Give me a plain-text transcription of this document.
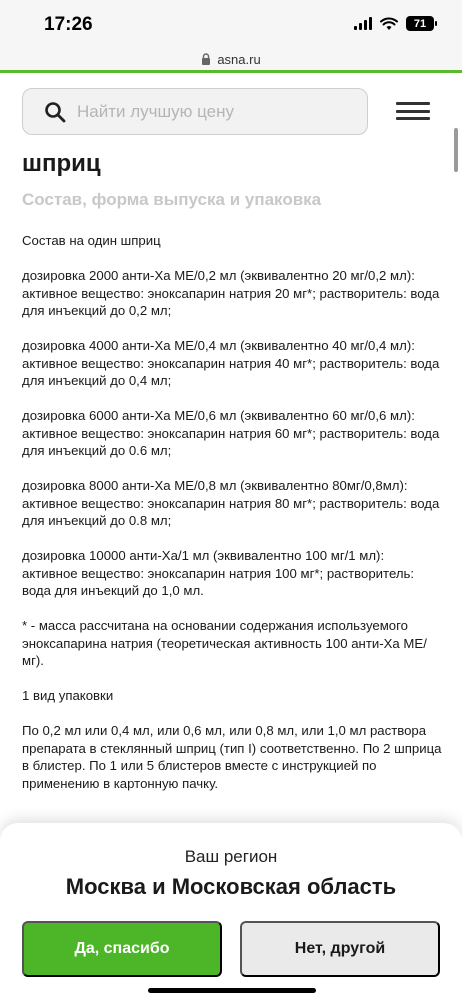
17:26	71
asna.ru
Найти лучшую цену
шприц
Состав, форма выпуска и упаковка

Состав на один шприц

дозировка 2000 анти-Ха МЕ/0,2 мл (эквивалентно 20 мг/0,2 мл): активное вещество: эноксапарин натрия 20 мг*; растворитель: вода для инъекций до 0,2 мл;

дозировка 4000 анти-Ха МЕ/0,4 мл (эквивалентно 40 мг/0,4 мл): активное вещество: эноксапарин натрия 40 мг*; растворитель: вода для инъекций до 0,4 мл;

дозировка 6000 анти-Ха МЕ/0,6 мл (эквивалентно 60 мг/0,6 мл): активное вещество: эноксапарин натрия 60 мг*; растворитель: вода для инъекций до 0.6 мл;

дозировка 8000 анти-Ха МЕ/0,8 мл (эквивалентно 80мг/0,8мл): активное вещество: эноксапарин натрия 80 мг*; растворитель: вода для инъекций до 0.8 мл;

дозировка 10000 анти-Ха/1 мл (эквивалентно 100 мг/1 мл): активное вещество: эноксапарин натрия 100 мг*; растворитель: вода для инъекций до 1,0 мл.

* - масса рассчитана на основании содержания используемого эноксапарина натрия (теоретическая активность 100 анти-Ха МЕ/мг).

1 вид упаковки

По 0,2 мл или 0,4 мл, или 0,6 мл, или 0,8 мл, или 1,0 мл раствора препарата в стеклянный шприц (тип I) соответственно. По 2 шприца в блистер. По 1 или 5 блистеров вместе с инструкцией по применению в картонную пачку.

Ваш регион
Москва и Московская область
Да, спасибо	Нет, другой
